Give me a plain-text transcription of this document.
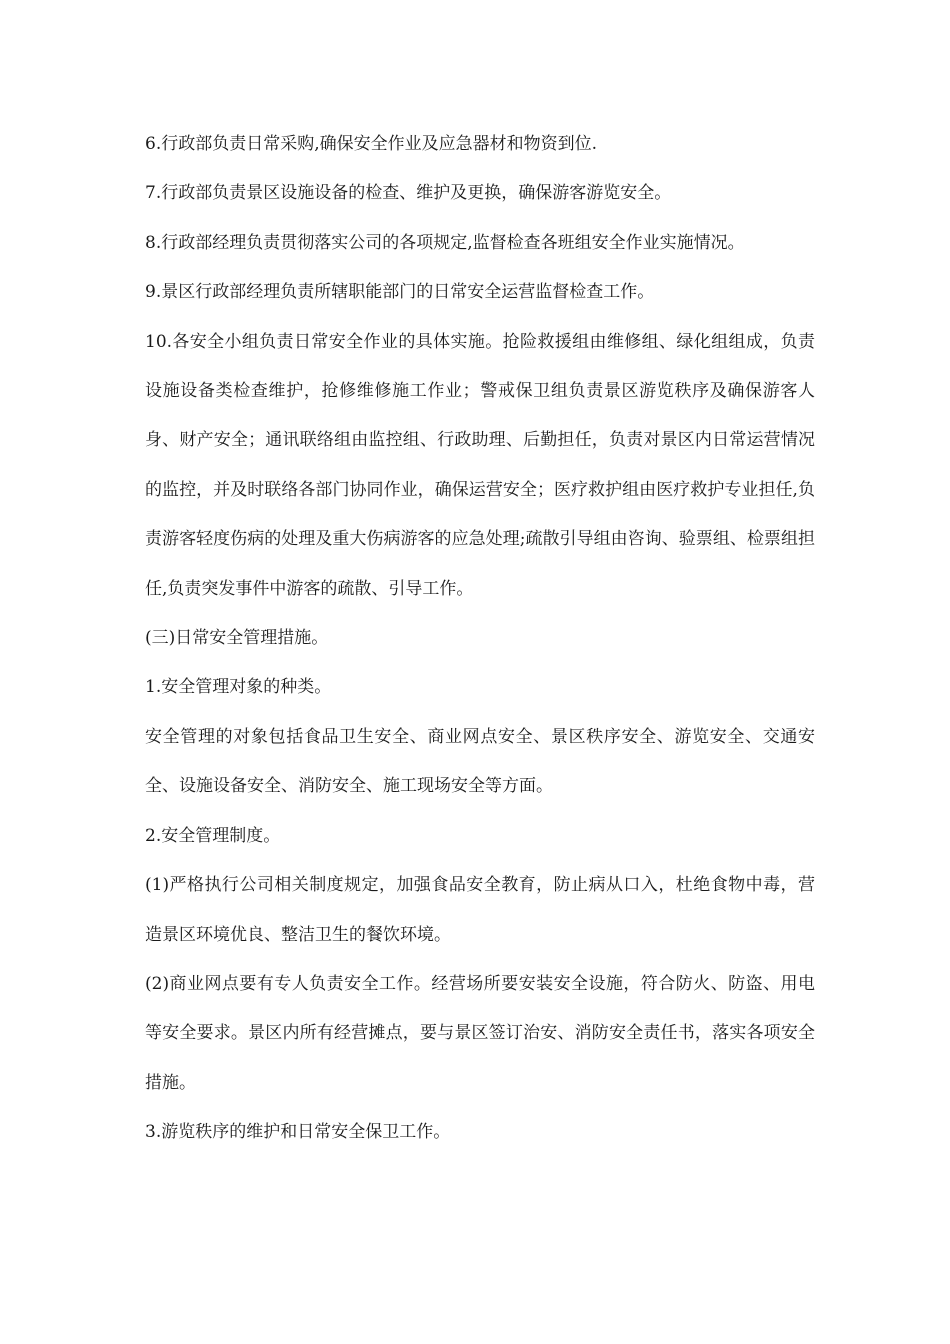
6.行政部负责日常采购,确保安全作业及应急器材和物资到位.

7.行政部负责景区设施设备的检查、维护及更换，确保游客游览安全。

8.行政部经理负责贯彻落实公司的各项规定,监督检查各班组安全作业实施情况。

9.景区行政部经理负责所辖职能部门的日常安全运营监督检查工作。

10.各安全小组负责日常安全作业的具体实施。抢险救援组由维修组、绿化组组成，负责设施设备类检查维护，抢修维修施工作业；警戒保卫组负责景区游览秩序及确保游客人身、财产安全；通讯联络组由监控组、行政助理、后勤担任，负责对景区内日常运营情况的监控，并及时联络各部门协同作业，确保运营安全；医疗救护组由医疗救护专业担任,负责游客轻度伤病的处理及重大伤病游客的应急处理;疏散引导组由咨询、验票组、检票组担任,负责突发事件中游客的疏散、引导工作。

(三)日常安全管理措施。

1.安全管理对象的种类。

安全管理的对象包括食品卫生安全、商业网点安全、景区秩序安全、游览安全、交通安全、设施设备安全、消防安全、施工现场安全等方面。

2.安全管理制度。

(1)严格执行公司相关制度规定，加强食品安全教育，防止病从口入，杜绝食物中毒，营造景区环境优良、整洁卫生的餐饮环境。

(2)商业网点要有专人负责安全工作。经营场所要安装安全设施，符合防火、防盗、用电等安全要求。景区内所有经营摊点，要与景区签订治安、消防安全责任书，落实各项安全措施。

3.游览秩序的维护和日常安全保卫工作。
